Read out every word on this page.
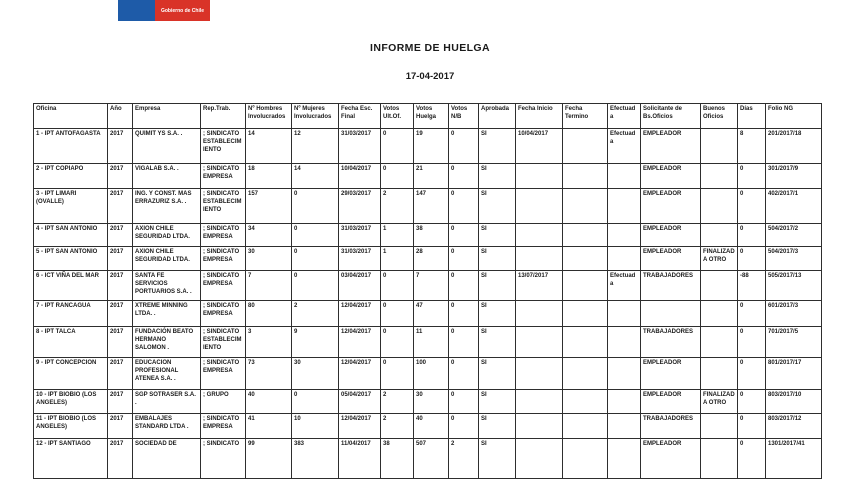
Gobierno de Chile
INFORME DE HUELGA
17-04-2017
Oficina	Año	Empresa	Rep.Trab.	Nº Hombres Involucrados	Nº Mujeres Involucrados	Fecha Esc. Final	Votos Ult.Of.	Votos Huelga	Votos N/B	Aprobada	Fecha Inicio	Fecha Termino	Efectuada	Solicitante de Bs.Oficios	Buenos Oficios	Días	Folio NG
1 - IPT ANTOFAGASTA	2017	QUIMIT YS S.A. .	; SINDICATO ESTABLECIMIENTO	14	12	31/03/2017	0	19	0	SI	10/04/2017		Efectuada	EMPLEADOR		8	201/2017/18
2 - IPT COPIAPO	2017	VIGALAB S.A. .	; SINDICATO EMPRESA	18	14	10/04/2017	0	21	0	SI				EMPLEADOR		0	301/2017/9
3 - IPT LIMARI (OVALLE)	2017	ING. Y CONST. MAS ERRAZURIZ S.A. .	; SINDICATO ESTABLECIMIENTO	157	0	29/03/2017	2	147	0	SI				EMPLEADOR		0	402/2017/1
4 - IPT SAN ANTONIO	2017	AXION CHILE SEGURIDAD LTDA.	; SINDICATO EMPRESA	34	0	31/03/2017	1	38	0	SI				EMPLEADOR		0	504/2017/2
5 - IPT SAN ANTONIO	2017	AXION CHILE SEGURIDAD LTDA.	; SINDICATO EMPRESA	30	0	31/03/2017	1	28	0	SI				EMPLEADOR	FINALIZADA OTRO	0	504/2017/3
6 - ICT VIÑA DEL MAR	2017	SANTA FE SERVICIOS PORTUARIOS S.A. .	; SINDICATO EMPRESA	7	0	03/04/2017	0	7	0	SI	13/07/2017		Efectuada	TRABAJADORES		-88	505/2017/13
7 - IPT RANCAGUA	2017	XTREME MINNING LTDA. .	; SINDICATO EMPRESA	80	2	12/04/2017	0	47	0	SI						0	601/2017/3
8 - IPT TALCA	2017	FUNDACIÓN BEATO HERMANO SALOMON .	; SINDICATO ESTABLECIMIENTO	3	9	12/04/2017	0	11	0	SI				TRABAJADORES		0	701/2017/5
9 - IPT CONCEPCION	2017	EDUCACION PROFESIONAL ATENEA S.A. .	; SINDICATO EMPRESA	73	30	12/04/2017	0	100	0	SI				EMPLEADOR		0	801/2017/17
10 - IPT BIOBIO (LOS ANGELES)	2017	SGP SOTRASER S.A. .	; GRUPO	40	0	05/04/2017	2	30	0	SI				EMPLEADOR	FINALIZADA OTRO	0	803/2017/10
11 - IPT BIOBIO (LOS ANGELES)	2017	EMBALAJES STANDARD LTDA .	; SINDICATO EMPRESA	41	10	12/04/2017	2	40	0	SI				TRABAJADORES		0	803/2017/12
12 - IPT SANTIAGO	2017	SOCIEDAD DE	; SINDICATO	99	383	11/04/2017	38	507	2	SI				EMPLEADOR		0	1301/2017/41
